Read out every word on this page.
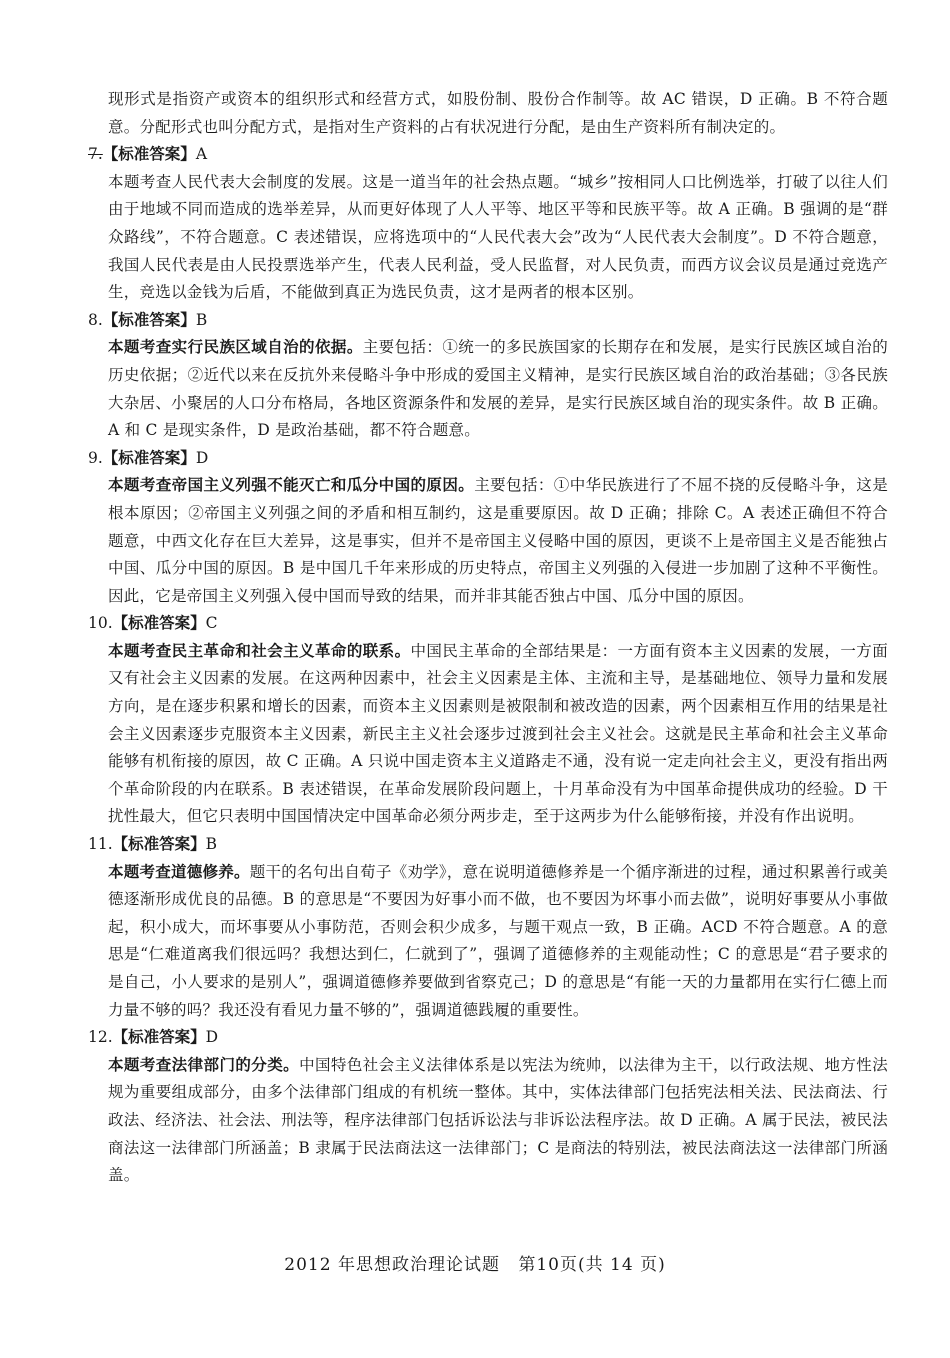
现形式是指资产或资本的组织形式和经营方式，如股份制、股份合作制等。故 AC 错误，D 正确。B 不符合题意。分配形式也叫分配方式，是指对生产资料的占有状况进行分配，是由生产资料所有制决定的。

7.【标准答案】A

本题考查人民代表大会制度的发展。这是一道当年的社会热点题。“城乡”按相同人口比例选举，打破了以往人们由于地域不同而造成的选举差异，从而更好体现了人人平等、地区平等和民族平等。故 A 正确。B 强调的是“群众路线”，不符合题意。C 表述错误，应将选项中的“人民代表大会”改为“人民代表大会制度”。D 不符合题意，我国人民代表是由人民投票选举产生，代表人民利益，受人民监督，对人民负责，而西方议会议员是通过竞选产生，竞选以金钱为后盾，不能做到真正为选民负责，这才是两者的根本区别。

8.【标准答案】B

本题考查实行民族区域自治的依据。主要包括：①统一的多民族国家的长期存在和发展，是实行民族区域自治的历史依据；②近代以来在反抗外来侵略斗争中形成的爱国主义精神，是实行民族区域自治的政治基础；③各民族大杂居、小聚居的人口分布格局，各地区资源条件和发展的差异，是实行民族区域自治的现实条件。故 B 正确。A 和 C 是现实条件，D 是政治基础，都不符合题意。

9.【标准答案】D

本题考查帝国主义列强不能灭亡和瓜分中国的原因。主要包括：①中华民族进行了不屈不挠的反侵略斗争，这是根本原因；②帝国主义列强之间的矛盾和相互制约，这是重要原因。故 D 正确；排除 C。A 表述正确但不符合题意，中西文化存在巨大差异，这是事实，但并不是帝国主义侵略中国的原因，更谈不上是帝国主义是否能独占中国、瓜分中国的原因。B 是中国几千年来形成的历史特点，帝国主义列强的入侵进一步加剧了这种不平衡性。因此，它是帝国主义列强入侵中国而导致的结果，而并非其能否独占中国、瓜分中国的原因。

10.【标准答案】C

本题考查民主革命和社会主义革命的联系。中国民主革命的全部结果是：一方面有资本主义因素的发展，一方面又有社会主义因素的发展。在这两种因素中，社会主义因素是主体、主流和主导，是基础地位、领导力量和发展方向，是在逐步积累和增长的因素，而资本主义因素则是被限制和被改造的因素，两个因素相互作用的结果是社会主义因素逐步克服资本主义因素，新民主主义社会逐步过渡到社会主义社会。这就是民主革命和社会主义革命能够有机衔接的原因，故 C 正确。A 只说中国走资本主义道路走不通，没有说一定走向社会主义，更没有指出两个革命阶段的内在联系。B 表述错误，在革命发展阶段问题上，十月革命没有为中国革命提供成功的经验。D 干扰性最大，但它只表明中国国情决定中国革命必须分两步走，至于这两步为什么能够衔接，并没有作出说明。

11.【标准答案】B

本题考查道德修养。题干的名句出自荀子《劝学》，意在说明道德修养是一个循序渐进的过程，通过积累善行或美德逐渐形成优良的品德。B 的意思是“不要因为好事小而不做，也不要因为坏事小而去做”，说明好事要从小事做起，积小成大，而坏事要从小事防范，否则会积少成多，与题干观点一致，B 正确。ACD 不符合题意。A 的意思是“仁难道离我们很远吗？我想达到仁，仁就到了”，强调了道德修养的主观能动性；C 的意思是“君子要求的是自己，小人要求的是别人”，强调道德修养要做到省察克己；D 的意思是“有能一天的力量都用在实行仁德上而力量不够的吗？我还没有看见力量不够的”，强调道德践履的重要性。

12.【标准答案】D

本题考查法律部门的分类。中国特色社会主义法律体系是以宪法为统帅，以法律为主干，以行政法规、地方性法规为重要组成部分，由多个法律部门组成的有机统一整体。其中，实体法律部门包括宪法相关法、民法商法、行政法、经济法、社会法、刑法等，程序法律部门包括诉讼法与非诉讼法程序法。故 D 正确。A 属于民法，被民法商法这一法律部门所涵盖；B 隶属于民法商法这一法律部门；C 是商法的特别法，被民法商法这一法律部门所涵盖。

2012 年思想政治理论试题 第10页(共 14 页)
